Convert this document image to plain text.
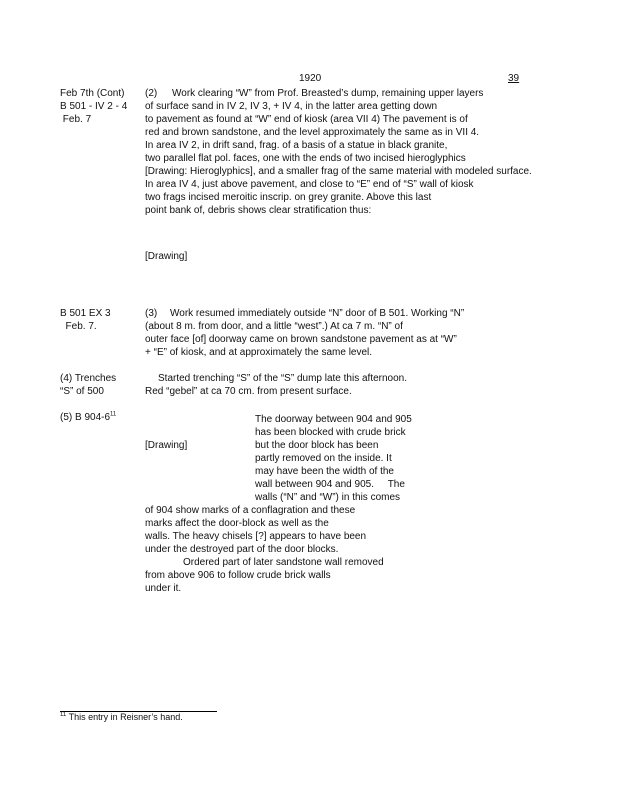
1920	39
Feb 7th (Cont)
B 501 - IV 2 - 4
Feb. 7
(2) Work clearing “W” from Prof. Breasted’s dump, remaining upper layers
of surface sand in IV 2, IV 3, + IV 4, in the latter area getting down
to pavement as found at “W” end of kiosk (area VII 4) The pavement is of
red and brown sandstone, and the level approximately the same as in VII 4.
In area IV 2, in drift sand, frag. of a basis of a statue in black granite,
two parallel flat pol. faces, one with the ends of two incised hieroglyphics
[Drawing: Hieroglyphics], and a smaller frag of the same material with modeled surface.
In area IV 4, just above pavement, and close to “E” end of “S” wall of kiosk
two frags incised meroitic inscrip. on grey granite. Above this last
point bank of, debris shows clear stratification thus:
[Drawing]
B 501 EX 3
Feb. 7.
(3) Work resumed immediately outside “N” door of B 501. Working “N”
(about 8 m. from door, and a little “west”.) At ca 7 m. “N” of
outer face [of] doorway came on brown sandstone pavement as at “W”
+ “E” of kiosk, and at approximately the same level.
(4) Trenches
“S” of 500
Started trenching “S” of the “S” dump late this afternoon.
Red “gebel” at ca 70 cm. from present surface.
(5) B $904-6^{11}$	The doorway between 904 and 905
has been blocked with crude brick
[Drawing]	but the door block has been
partly removed on the inside. It
may have been the width of the
wall between 904 and 905.     The
walls (“N” and “W”) in this comes
of 904 show marks of a conflagration and these
marks affect the door-block as well as the
walls. The heavy chisels [?] appears to have been
under the destroyed part of the door blocks.
Ordered part of later sandstone wall removed
from above 906 to follow crude brick walls
under it.
$^{11}$ This entry in Reisner’s hand.
